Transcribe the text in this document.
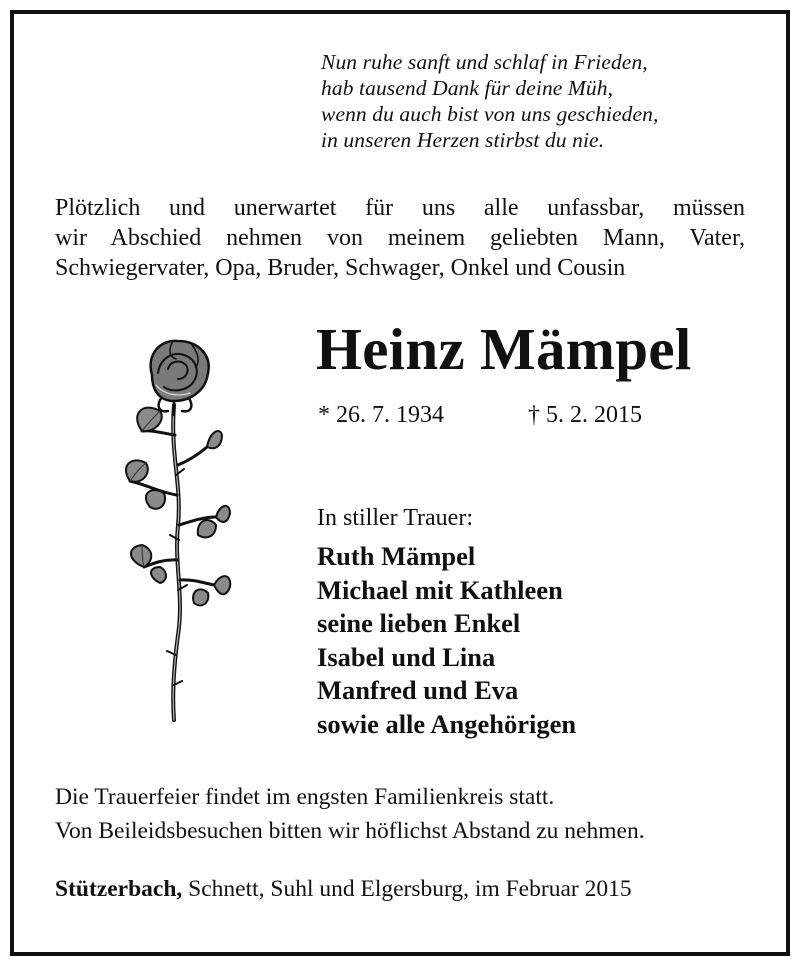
Nun ruhe sanft und schlaf in Frieden,
hab tausend Dank für deine Müh,
wenn du auch bist von uns geschieden,
in unseren Herzen stirbst du nie.
Plötzlich und unerwartet für uns alle unfassbar, müssen
wir Abschied nehmen von meinem geliebten Mann, Vater,
Schwiegervater, Opa, Bruder, Schwager, Onkel und Cousin
Heinz Mämpel
* 26. 7. 1934	† 5. 2. 2015
In stiller Trauer:
Ruth Mämpel
Michael mit Kathleen
seine lieben Enkel
Isabel und Lina
Manfred und Eva
sowie alle Angehörigen
Die Trauerfeier findet im engsten Familienkreis statt.
Von Beileidsbesuchen bitten wir höflichst Abstand zu nehmen.
Stützerbach, Schnett, Suhl und Elgersburg, im Februar 2015
